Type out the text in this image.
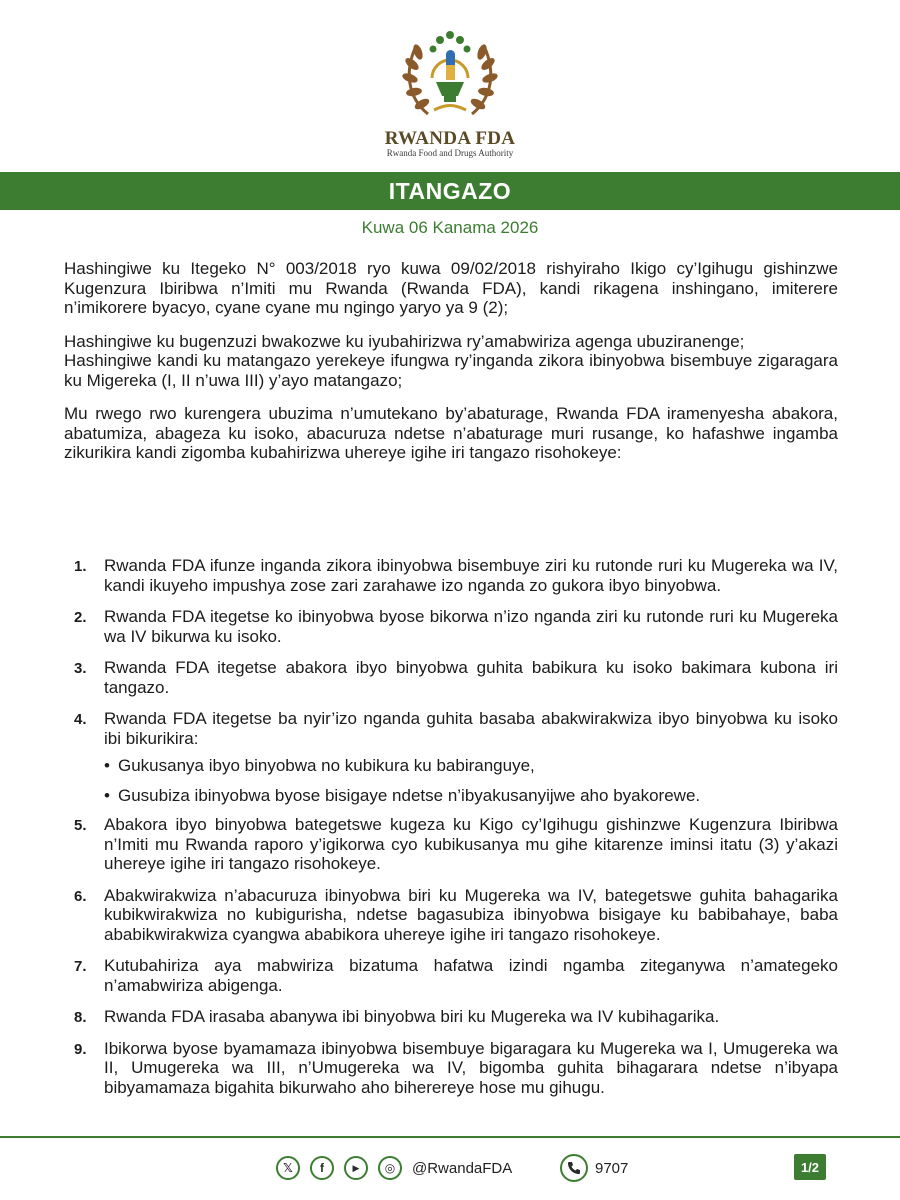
RWANDA FDA
Rwanda Food and Drugs Authority
ITANGAZO
Kuwa 06 Kanama 2026

Hashingiwe ku Itegeko N° 003/2018 ryo kuwa 09/02/2018 rishyiraho Ikigo cy’Igihugu gishinzwe Kugenzura Ibiribwa n’Imiti mu Rwanda (Rwanda FDA), kandi rikagena inshingano, imiterere n’imikorere byacyo, cyane cyane mu ngingo yaryo ya 9 (2);

Hashingiwe ku bugenzuzi bwakozwe ku iyubahirizwa ry’amabwiriza agenga ubuziranenge;

Hashingiwe kandi ku matangazo yerekeye ifungwa ry’inganda zikora ibinyobwa bisembuye zigaragara ku Migereka (I, II n’uwa III) y’ayo matangazo;

Mu rwego rwo kurengera ubuzima n’umutekano by’abaturage, Rwanda FDA iramenyesha abakora, abatumiza, abageza ku isoko, abacuruza ndetse n’abaturage muri rusange, ko hafashwe ingamba zikurikira kandi zigomba kubahirizwa uhereye igihe iri tangazo risohokeye:

1. Rwanda FDA ifunze inganda zikora ibinyobwa bisembuye ziri ku rutonde ruri ku Mugereka wa IV, kandi ikuyeho impushya zose zari zarahawe izo nganda zo gukora ibyo binyobwa.
2. Rwanda FDA itegetse ko ibinyobwa byose bikorwa n’izo nganda ziri ku rutonde ruri ku Mugereka wa IV bikurwa ku isoko.
3. Rwanda FDA itegetse abakora ibyo binyobwa guhita babikura ku isoko bakimara kubona iri tangazo.
4. Rwanda FDA itegetse ba nyir’izo nganda guhita basaba abakwirakwiza ibyo binyobwa ku isoko ibi bikurikira:
• Gukusanya ibyo binyobwa no kubikura ku babiranguye,
• Gusubiza ibinyobwa byose bisigaye ndetse n’ibyakusanyijwe aho byakorewe.
5. Abakora ibyo binyobwa bategetswe kugeza ku Kigo cy’Igihugu gishinzwe Kugenzura Ibiribwa n’Imiti mu Rwanda raporo y’igikorwa cyo kubikusanya mu gihe kitarenze iminsi itatu (3) y’akazi uhereye igihe iri tangazo risohokeye.
6. Abakwirakwiza n’abacuruza ibinyobwa biri ku Mugereka wa IV, bategetswe guhita bahagarika kubikwirakwiza no kubigurisha, ndetse bagasubiza ibinyobwa bisigaye ku babibahaye, baba ababikwirakwiza cyangwa ababikora uhereye igihe iri tangazo risohokeye.
7. Kutubahiriza aya mabwiriza bizatuma hafatwa izindi ngamba ziteganywa n’amategeko n’amabwiriza abigenga.
8. Rwanda FDA irasaba abanywa ibi binyobwa biri ku Mugereka wa IV kubihagarika.
9. Ibikorwa byose byamamaza ibinyobwa bisembuye bigaragara ku Mugereka wa I, Umugereka wa II, Umugereka wa III, n’Umugereka wa IV, bigomba guhita bihagarara ndetse n’ibyapa bibyamamaza bigahita bikurwaho aho biherereye hose mu gihugu.
𝕏	f	▶	◎	@RwandaFDA	9707	1/2
